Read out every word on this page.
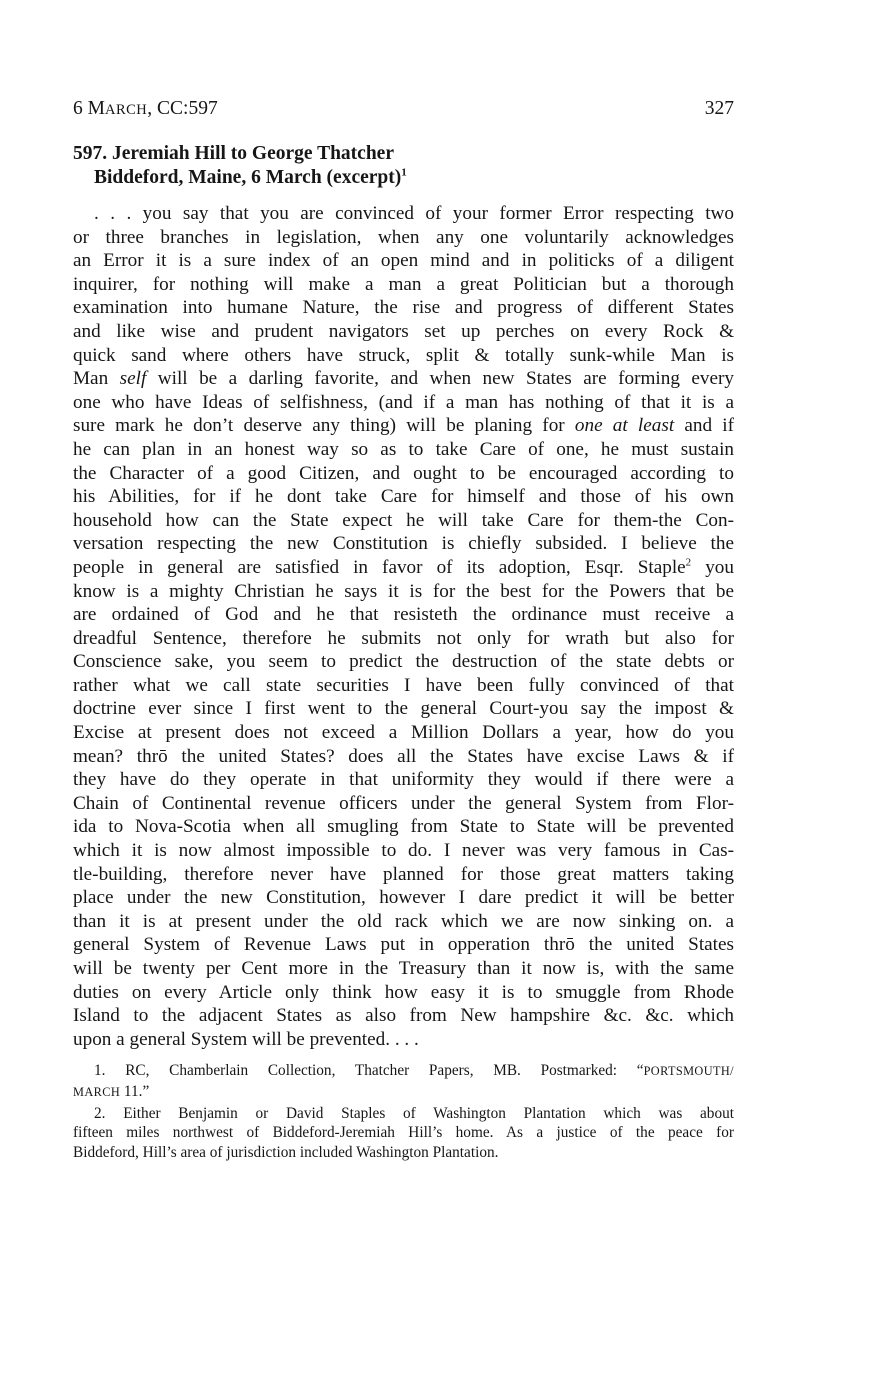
6 MARCH, CC:597	327
597. Jeremiah Hill to George Thatcher
Biddeford, Maine, 6 March (excerpt)$^1$
. . . you say that you are convinced of your former Error respecting two
or three branches in legislation, when any one voluntarily acknowledges
an Error it is a sure index of an open mind and in politicks of a diligent
inquirer, for nothing will make a man a great Politician but a thorough
examination into humane Nature, the rise and progress of different States
and like wise and prudent navigators set up perches on every Rock &
quick sand where others have struck, split & totally sunk-while Man is
Man self will be a darling favorite, and when new States are forming every
one who have Ideas of selfishness, (and if a man has nothing of that it is a
sure mark he don’t deserve any thing) will be planing for one at least and if
he can plan in an honest way so as to take Care of one, he must sustain
the Character of a good Citizen, and ought to be encouraged according to
his Abilities, for if he dont take Care for himself and those of his own
household how can the State expect he will take Care for them-the Con-
versation respecting the new Constitution is chiefly subsided. I believe the
people in general are satisfied in favor of its adoption, Esqr. Staple$^2$ you
know is a mighty Christian he says it is for the best for the Powers that be
are ordained of God and he that resisteth the ordinance must receive a
dreadful Sentence, therefore he submits not only for wrath but also for
Conscience sake, you seem to predict the destruction of the state debts or
rather what we call state securities I have been fully convinced of that
doctrine ever since I first went to the general Court-you say the impost &
Excise at present does not exceed a Million Dollars a year, how do you
mean? thrō the united States? does all the States have excise Laws & if
they have do they operate in that uniformity they would if there were a
Chain of Continental revenue officers under the general System from Flor-
ida to Nova-Scotia when all smugling from State to State will be prevented
which it is now almost impossible to do. I never was very famous in Cas-
tle-building, therefore never have planned for those great matters taking
place under the new Constitution, however I dare predict it will be better
than it is at present under the old rack which we are now sinking on. a
general System of Revenue Laws put in opperation thrō the united States
will be twenty per Cent more in the Treasury than it now is, with the same
duties on every Article only think how easy it is to smuggle from Rhode
Island to the adjacent States as also from New hampshire &c. &c. which
upon a general System will be prevented. . . .
1. RC, Chamberlain Collection, Thatcher Papers, MB. Postmarked: “PORTSMOUTH/
MARCH 11.”
2. Either Benjamin or David Staples of Washington Plantation which was about
fifteen miles northwest of Biddeford-Jeremiah Hill’s home. As a justice of the peace for
Biddeford, Hill’s area of jurisdiction included Washington Plantation.
